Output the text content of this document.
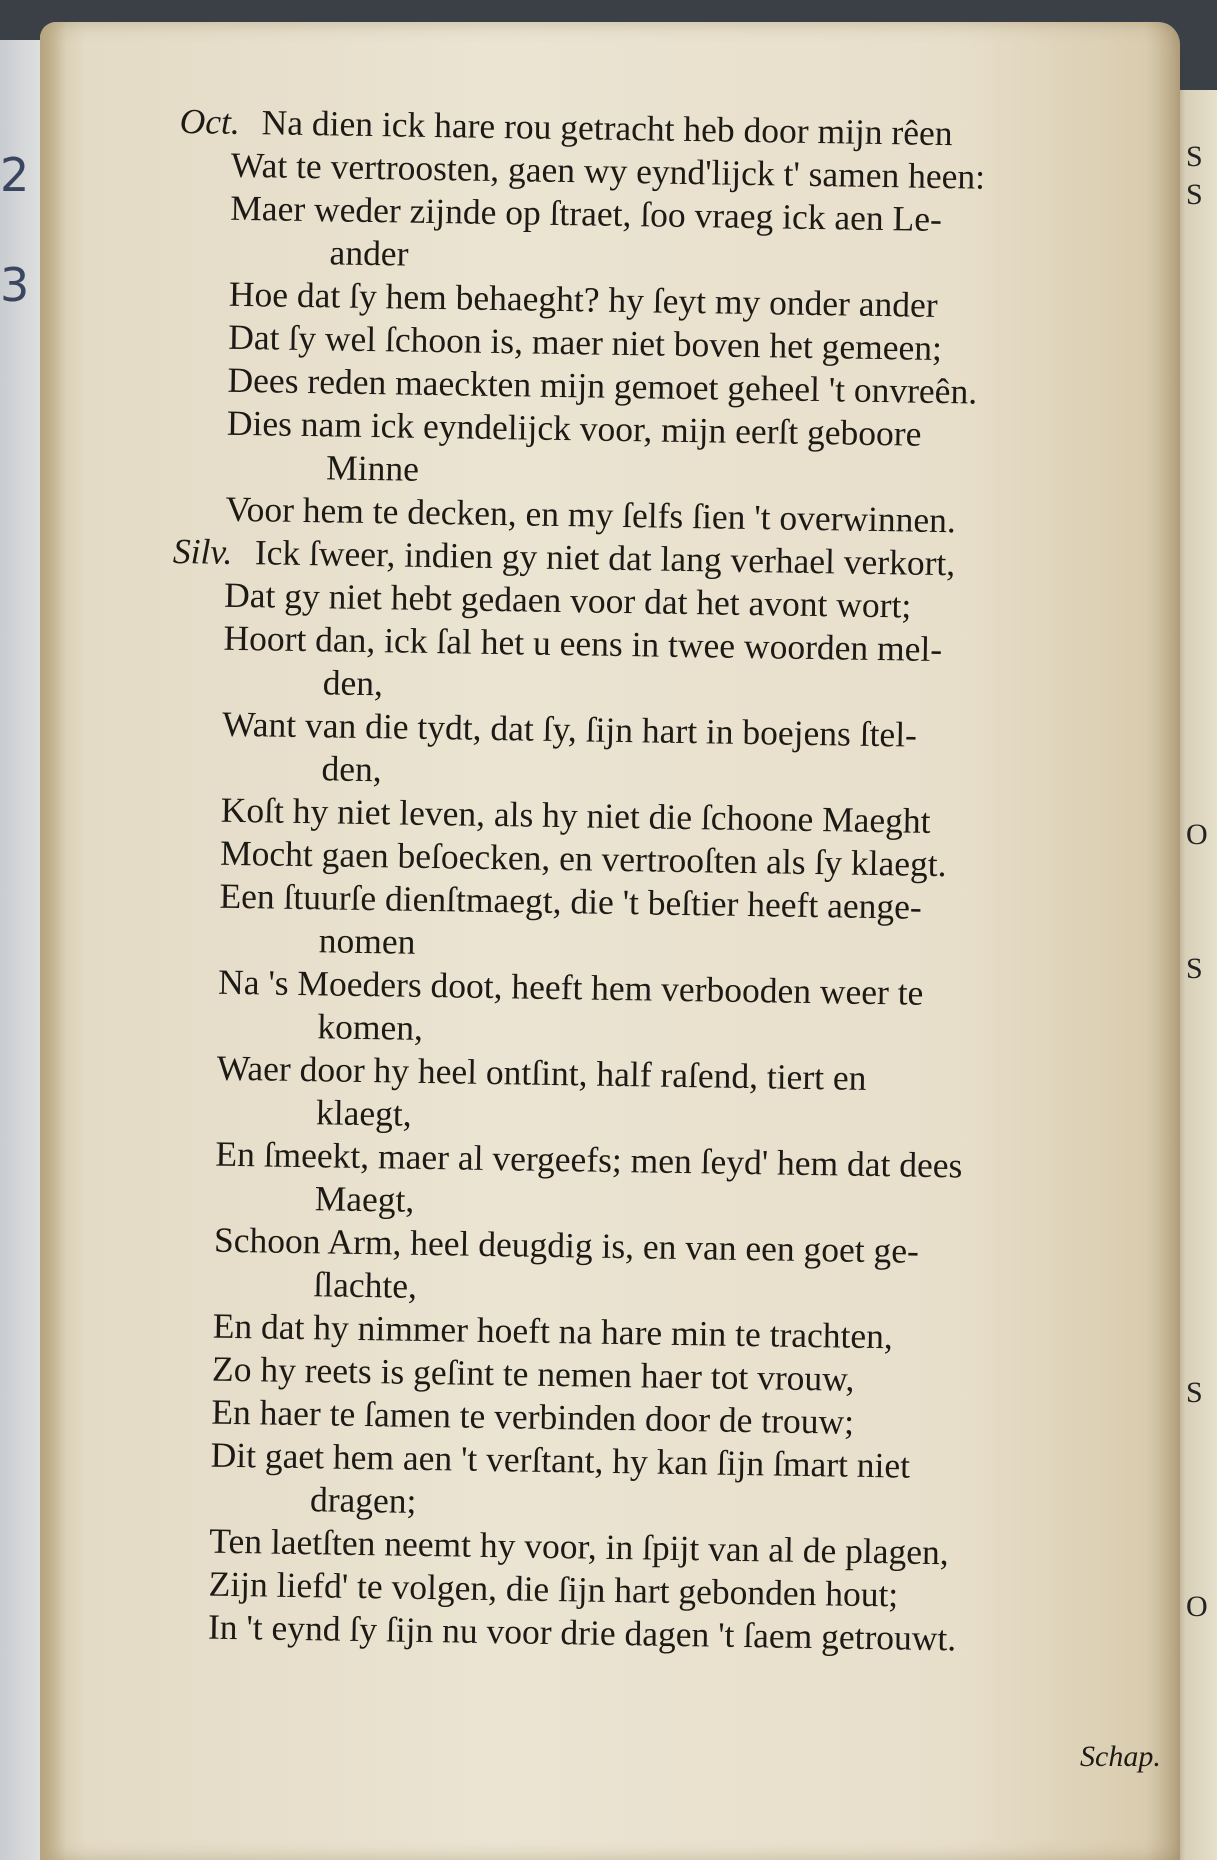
2
3
S
S
O
S
S
O
Oct. Na dien ick hare rou getracht heb door mijn rêen
Wat te vertroosten, gaen wy eynd'lijck t' samen heen:
Maer weder zijnde op ſtraet, ſoo vraeg ick aen Le-
ander
Hoe dat ſy hem behaeght? hy ſeyt my onder ander
Dat ſy wel ſchoon is, maer niet boven het gemeen;
Dees reden maeckten mijn gemoet geheel 't onvreên.
Dies nam ick eyndelijck voor, mijn eerſt geboore
Minne
Voor hem te decken, en my ſelfs ſien 't overwinnen.
Silv. Ick ſweer, indien gy niet dat lang verhael verkort,
Dat gy niet hebt gedaen voor dat het avont wort;
Hoort dan, ick ſal het u eens in twee woorden mel-
den,
Want van die tydt, dat ſy, ſijn hart in boejens ſtel-
den,
Koſt hy niet leven, als hy niet die ſchoone Maeght
Mocht gaen beſoecken, en vertrooſten als ſy klaegt.
Een ſtuurſe dienſtmaegt, die 't beſtier heeft aenge-
nomen
Na 's Moeders doot, heeft hem verbooden weer te
komen,
Waer door hy heel ontſint, half raſend, tiert en
klaegt,
En ſmeekt, maer al vergeefs; men ſeyd' hem dat dees
Maegt,
Schoon Arm, heel deugdig is, en van een goet ge-
ſlachte,
En dat hy nimmer hoeft na hare min te trachten,
Zo hy reets is geſint te nemen haer tot vrouw,
En haer te ſamen te verbinden door de trouw;
Dit gaet hem aen 't verſtant, hy kan ſijn ſmart niet
dragen;
Ten laetſten neemt hy voor, in ſpijt van al de plagen,
Zijn liefd' te volgen, die ſijn hart gebonden hout;
In 't eynd ſy ſijn nu voor drie dagen 't ſaem getrouwt.
Schap.
